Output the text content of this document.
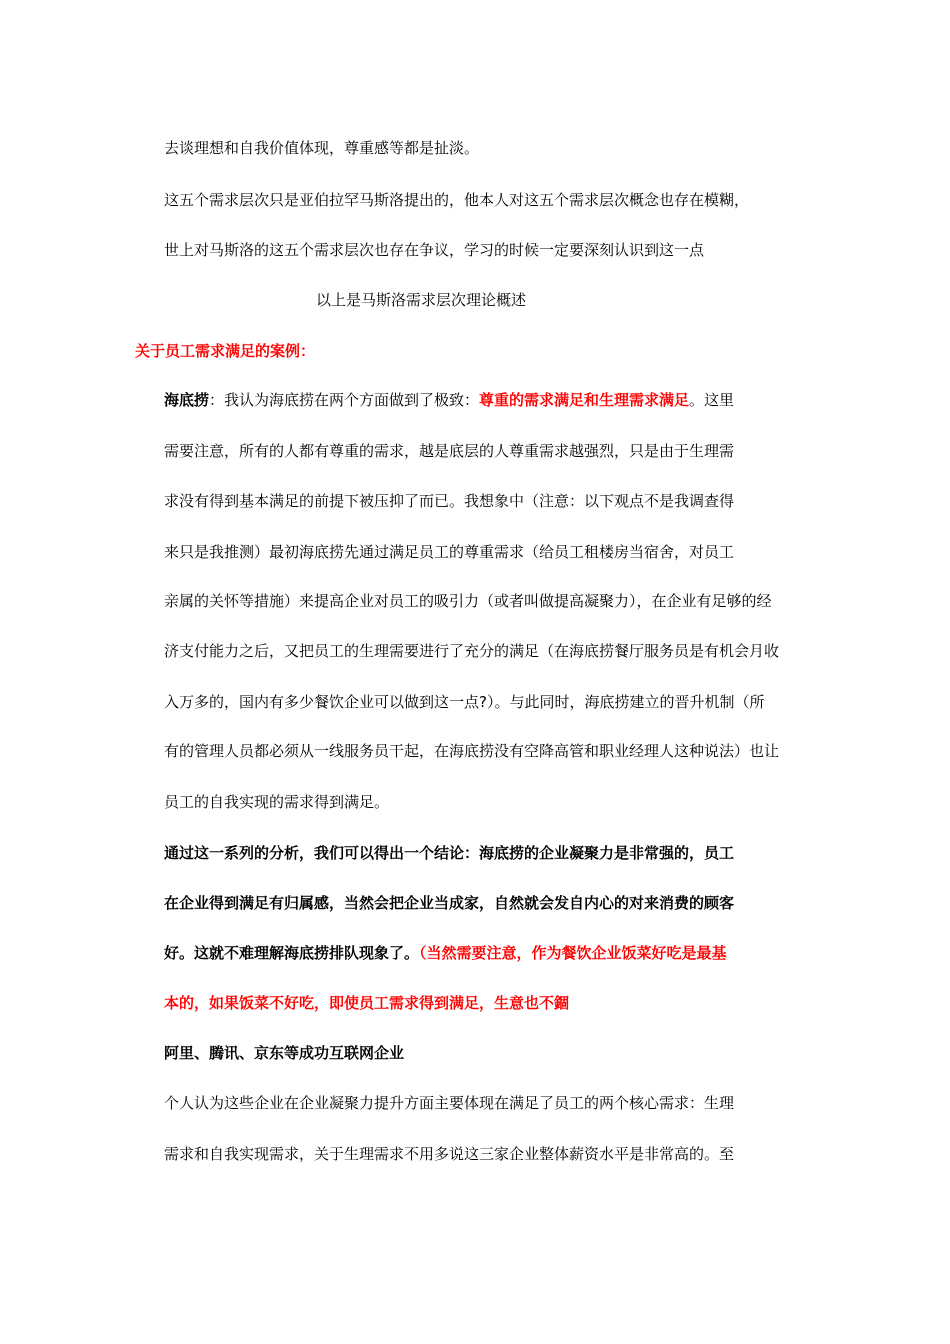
去谈理想和自我价值体现，尊重感等都是扯淡。
这五个需求层次只是亚伯拉罕马斯洛提出的，他本人对这五个需求层次概念也存在模糊，
世上对马斯洛的这五个需求层次也存在争议，学习的时候一定要深刻认识到这一点
以上是马斯洛需求层次理论概述
关于员工需求满足的案例：
海底捞：我认为海底捞在两个方面做到了极致：尊重的需求满足和生理需求满足。这里
需要注意，所有的人都有尊重的需求，越是底层的人尊重需求越强烈，只是由于生理需
求没有得到基本满足的前提下被压抑了而已。我想象中（注意：以下观点不是我调查得
来只是我推测）最初海底捞先通过满足员工的尊重需求（给员工租楼房当宿舍，对员工
亲属的关怀等措施）来提高企业对员工的吸引力（或者叫做提高凝聚力），在企业有足够的经
济支付能力之后，又把员工的生理需要进行了充分的满足（在海底捞餐厅服务员是有机会月收
入万多的，国内有多少餐饮企业可以做到这一点?）。与此同时，海底捞建立的晋升机制（所
有的管理人员都必须从一线服务员干起，在海底捞没有空降高管和职业经理人这种说法）也让
员工的自我实现的需求得到满足。
通过这一系列的分析，我们可以得出一个结论：海底捞的企业凝聚力是非常强的，员工
在企业得到满足有归属感，当然会把企业当成家，自然就会发自内心的对来消费的顾客
好。这就不难理解海底捞排队现象了。（当然需要注意，作为餐饮企业饭菜好吃是最基
本的，如果饭菜不好吃，即使员工需求得到满足，生意也不錮
阿里、腾讯、京东等成功互联网企业
个人认为这些企业在企业凝聚力提升方面主要体现在满足了员工的两个核心需求：生理
需求和自我实现需求，关于生理需求不用多说这三家企业整体薪资水平是非常高的。至
